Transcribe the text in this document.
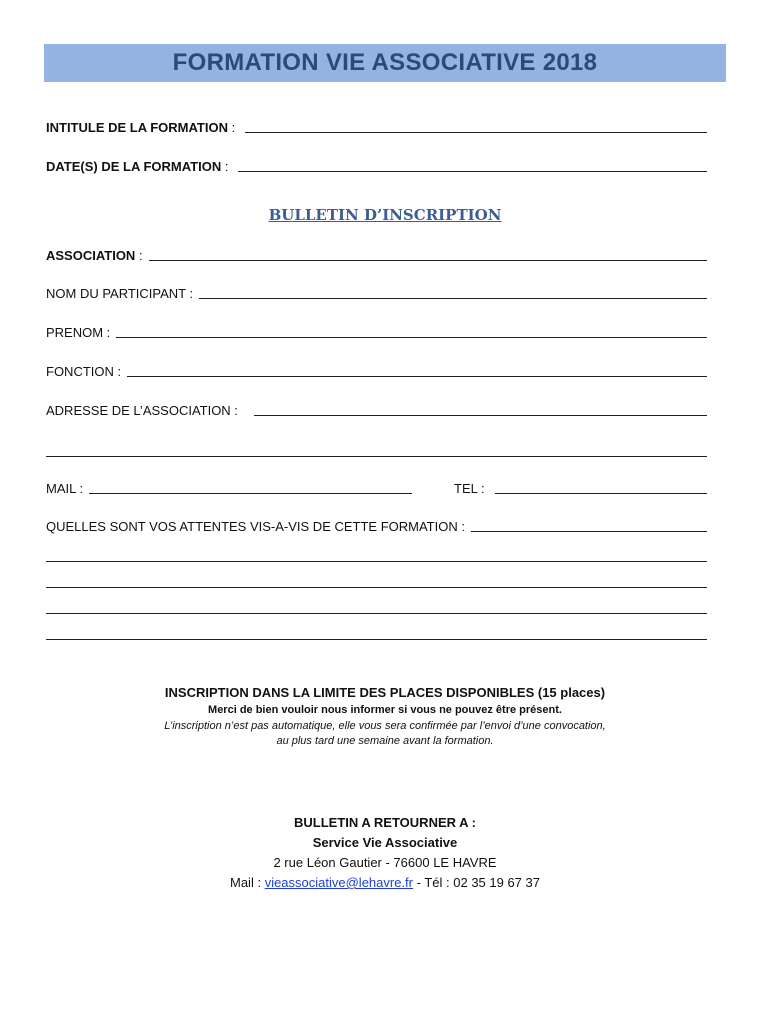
FORMATION VIE ASSOCIATIVE 2018
INTITULE DE LA FORMATION :
DATE(S) DE LA FORMATION :
BULLETIN D’INSCRIPTION
ASSOCIATION :
NOM DU PARTICIPANT :
PRENOM :
FONCTION :
ADRESSE DE L’ASSOCIATION :
MAIL :	TEL :
QUELLES SONT VOS ATTENTES VIS-A-VIS DE CETTE FORMATION :
INSCRIPTION DANS LA LIMITE DES PLACES DISPONIBLES (15 places)
Merci de bien vouloir nous informer si vous ne pouvez être présent.
L’inscription n’est pas automatique, elle vous sera confirmée par l’envoi d’une convocation,
au plus tard une semaine avant la formation.
BULLETIN A RETOURNER A :
Service Vie Associative
2 rue Léon Gautier - 76600 LE HAVRE
Mail : vieassociative@lehavre.fr - Tél : 02 35 19 67 37
